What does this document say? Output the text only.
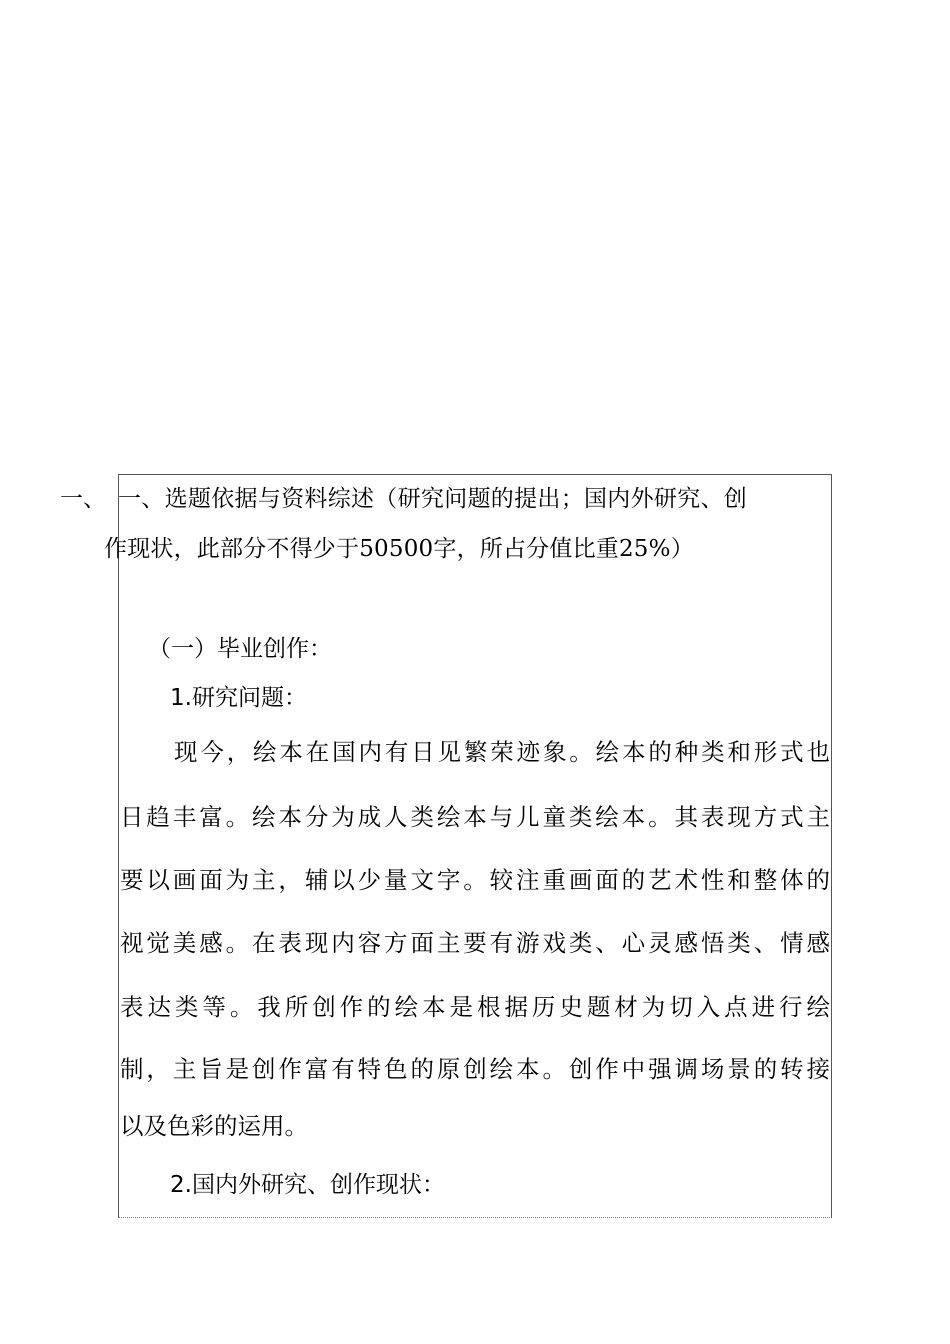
一、 一、选题依据与资料综述（研究问题的提出；国内外研究、创
作现状，此部分不得少于50500字，所占分值比重25%）
（一）毕业创作：
1.研究问题：
现今，绘本在国内有日见繁荣迹象。绘本的种类和形式也
日趋丰富。绘本分为成人类绘本与儿童类绘本。其表现方式主
要以画面为主，辅以少量文字。较注重画面的艺术性和整体的
视觉美感。在表现内容方面主要有游戏类、心灵感悟类、情感
表达类等。我所创作的绘本是根据历史题材为切入点进行绘
制，主旨是创作富有特色的原创绘本。创作中强调场景的转接
以及色彩的运用。
2.国内外研究、创作现状：
